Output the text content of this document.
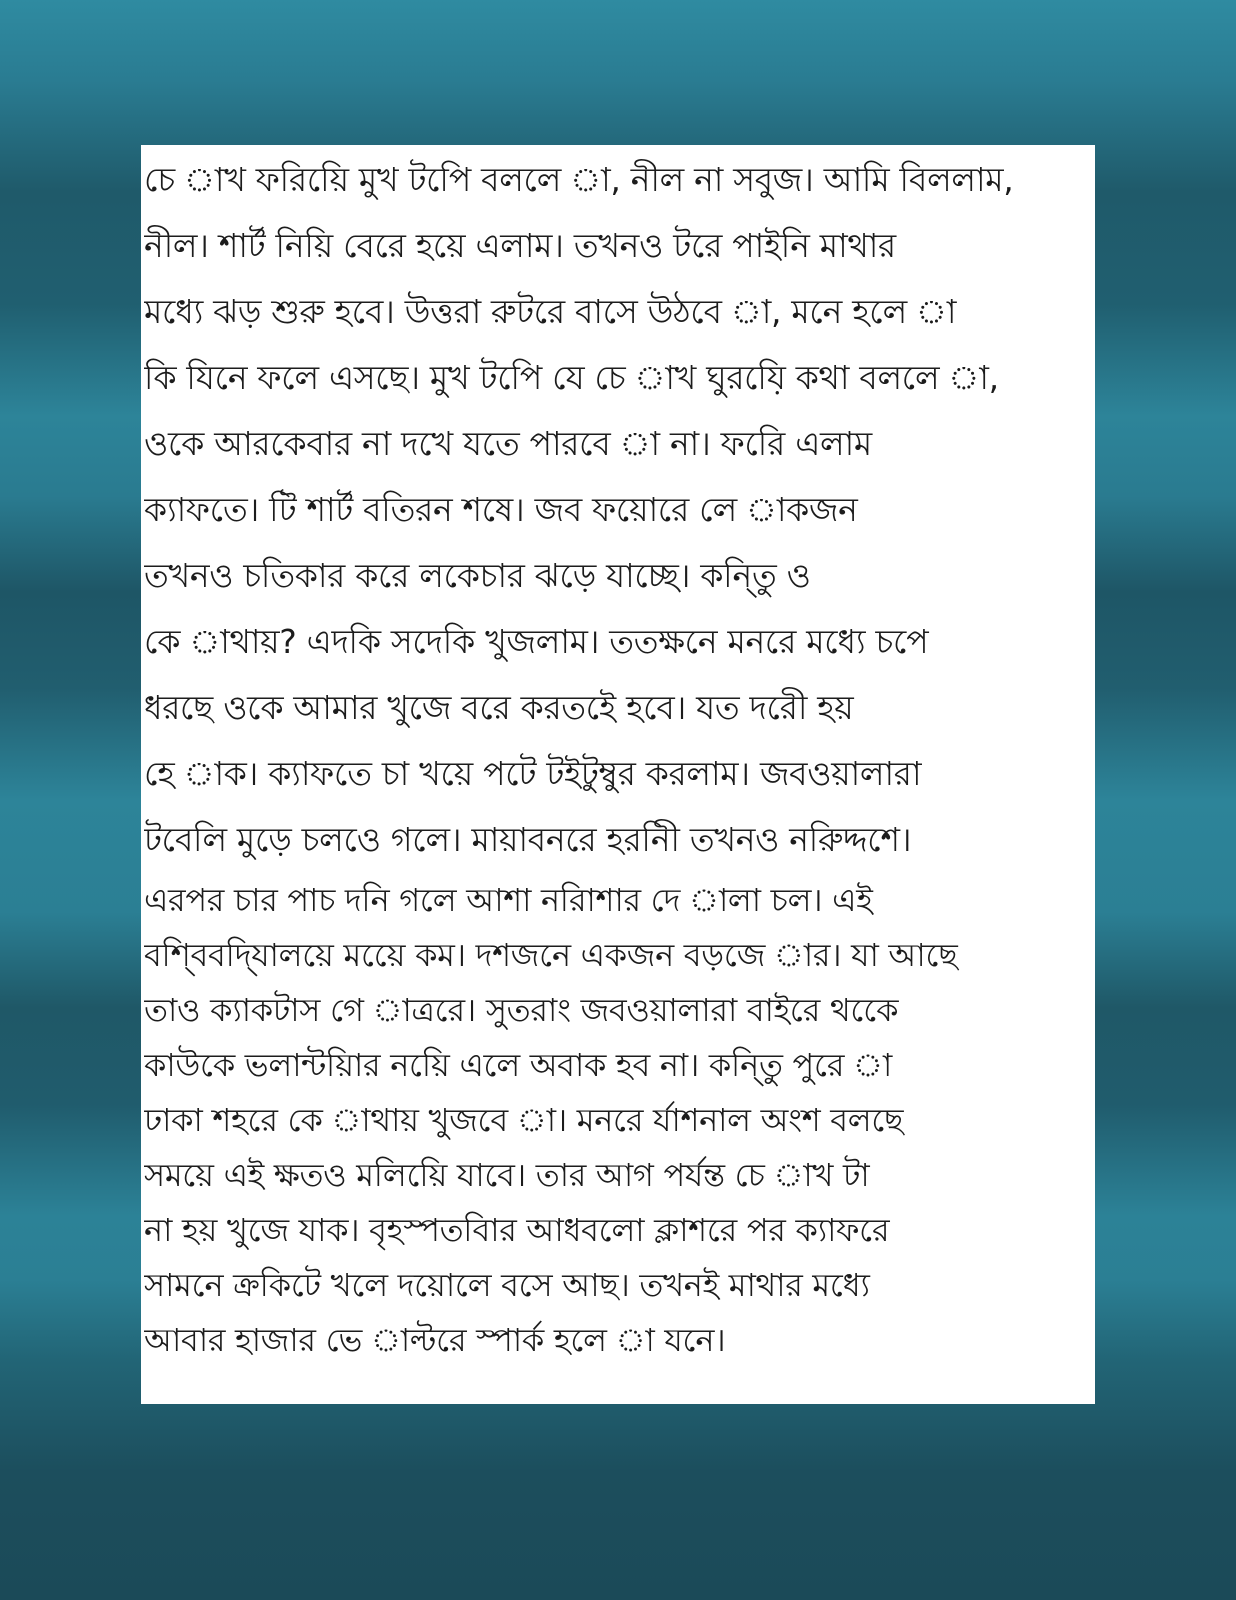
চে াখ ফরিয়িে মুখ টপিে বললে া, নীল না সবুজ। আমি বিললাম,
নীল। শার্ট নিয়ি বেরে হয়ে এলাম। তখনও টরে পাইনি মাথার
মধ্যে ঝড় শুরু হবে। উত্তরা রুটরে বাসে উঠবে া, মনে হলে া
কি যিনে ফলে এসছে। মুখ টপিে যে চে াখ ঘুরযি়ে কথা বললে া,
ওকে আরকেবার না দখে যতে পারবে া না। ফরিে এলাম
ক্যাফতে। টি শার্ট বতিরন শষে। জব ফয়োরে লে াকজন
তখনও চতিকার করে লকেচার ঝড়ে যাচ্ছে। কনি্তু ও
কে াথায়? এদকি সদেকি খুজলাম। ততক্ষনে মনরে মধ্যে চপে
ধরছে ওকে আমার খুজে বরে করতইে হবে। যত দরেী হয়
হে াক। ক্যাফতে চা খয়ে পটে টইটুম্বুর করলাম। জবওয়ালারা
টবেলি মুড়ে চলওে গলে। মায়াবনরে হরনিী তখনও নরিুদ্দশে।
এরপর চার পাচ দনি গলে আশা নরিাশার দে ালা চল। এই
বশি্ববদি্যালয়ে ময়েে কম। দশজনে একজন বড়জে ার। যা আছে
তাও ক্যাকটাস গে াত্ররে। সুতরাং জবওয়ালারা বাইরে থকেে
কাউকে ভলান্টয়িার নয়িে এলে অবাক হব না। কনি্তু পুরে া
ঢাকা শহরে কে াথায় খুজবে া। মনরে র্যাশনাল অংশ বলছে
সময়ে এই ক্ষতও মলিয়িে যাবে। তার আগ পর্যন্ত চে াখ টা
না হয় খুজে যাক। বৃহস্পতবিার আধবলো ক্লাশরে পর ক্যাফরে
সামনে ক্রকিটে খলে দয়োলে বসে আছ। তখনই মাথার মধ্যে
আবার হাজার ভে াল্টরে স্পার্ক হলে া যনে।
